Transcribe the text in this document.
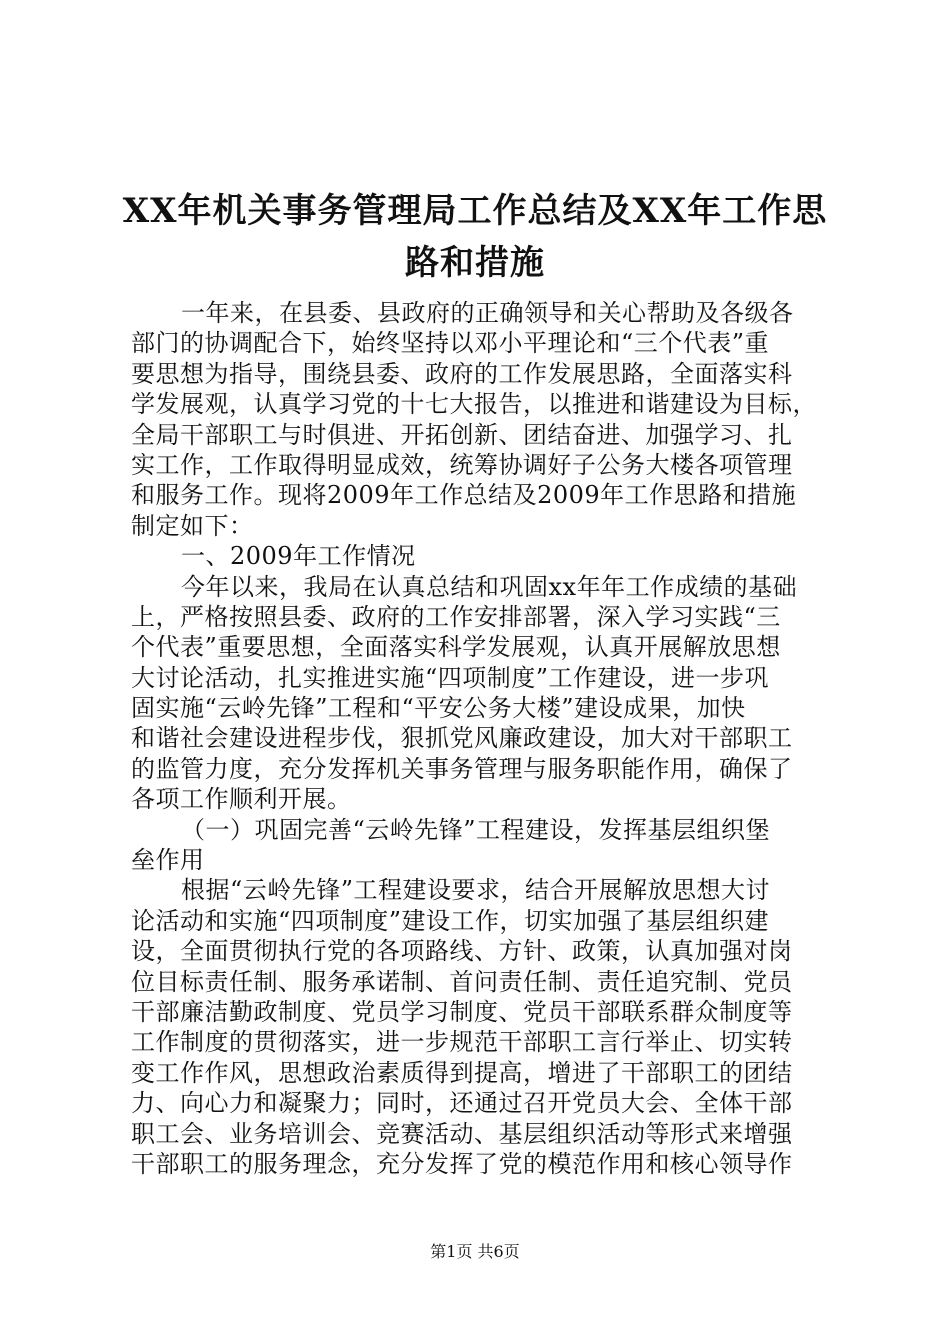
XX年机关事务管理局工作总结及XX年工作思
路和措施
一年来，在县委、县政府的正确领导和关心帮助及各级各
部门的协调配合下，始终坚持以邓小平理论和“三个代表”重
要思想为指导，围绕县委、政府的工作发展思路，全面落实科
学发展观，认真学习党的十七大报告，以推进和谐建设为目标，
全局干部职工与时俱进、开拓创新、团结奋进、加强学习、扎
实工作，工作取得明显成效，统筹协调好子公务大楼各项管理
和服务工作。现将2009年工作总结及2009年工作思路和措施
制定如下：
一、2009年工作情况
今年以来，我局在认真总结和巩固xx年年工作成绩的基础
上，严格按照县委、政府的工作安排部署，深入学习实践“三
个代表”重要思想，全面落实科学发展观，认真开展解放思想
大讨论活动，扎实推进实施“四项制度”工作建设，进一步巩
固实施“云岭先锋”工程和“平安公务大楼”建设成果，加快
和谐社会建设进程步伐，狠抓党风廉政建设，加大对干部职工
的监管力度，充分发挥机关事务管理与服务职能作用，确保了
各项工作顺利开展。
（一）巩固完善“云岭先锋”工程建设，发挥基层组织堡
垒作用
根据“云岭先锋”工程建设要求，结合开展解放思想大讨
论活动和实施“四项制度”建设工作，切实加强了基层组织建
设，全面贯彻执行党的各项路线、方针、政策，认真加强对岗
位目标责任制、服务承诺制、首问责任制、责任追究制、党员
干部廉洁勤政制度、党员学习制度、党员干部联系群众制度等
工作制度的贯彻落实，进一步规范干部职工言行举止、切实转
变工作作风，思想政治素质得到提高，增进了干部职工的团结
力、向心力和凝聚力；同时，还通过召开党员大会、全体干部
职工会、业务培训会、竞赛活动、基层组织活动等形式来增强
干部职工的服务理念，充分发挥了党的模范作用和核心领导作
第1页 共6页
